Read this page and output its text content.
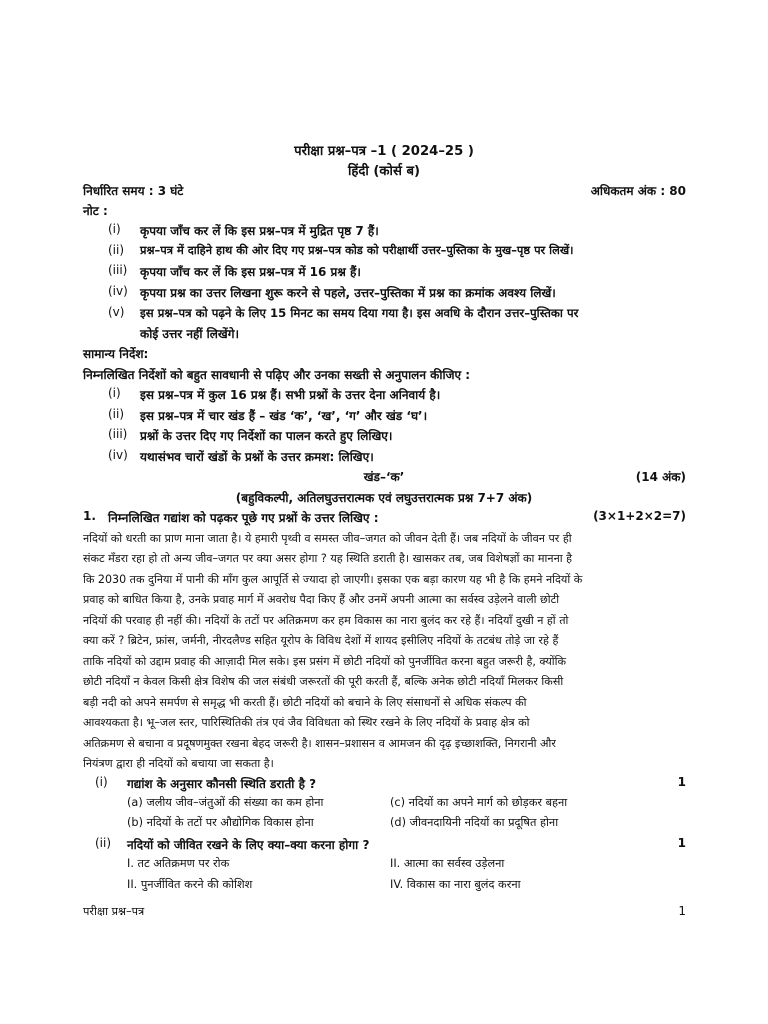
परीक्षा प्रश्न–पत्र –1 ( 2024–25 )
हिंदी (कोर्स ब)
निर्धारित समय : 3 घंटे	अधिकतम अंक : 80
नोट :
(i)	कृपया जाँच कर लें कि इस प्रश्न–पत्र में मुद्रित पृष्ठ 7 हैं।
(ii)	प्रश्न–पत्र में दाहिने हाथ की ओर दिए गए प्रश्न–पत्र कोड को परीक्षार्थी उत्तर–पुस्तिका के मुख–पृष्ठ पर लिखें।
(iii)	कृपया जाँच कर लें कि इस प्रश्न–पत्र में 16 प्रश्न हैं।
(iv)	कृपया प्रश्न का उत्तर लिखना शुरू करने से पहले, उत्तर–पुस्तिका में प्रश्न का क्रमांक अवश्य लिखें।
(v)	इस प्रश्न–पत्र को पढ़ने के लिए 15 मिनट का समय दिया गया है। इस अवधि के दौरान उत्तर–पुस्तिका पर
कोई उत्तर नहीं लिखेंगे।
सामान्य निर्देश:
निम्नलिखित निर्देशों को बहुत सावधानी से पढ़िए और उनका सख्ती से अनुपालन कीजिए :
(i)	इस प्रश्न–पत्र में कुल 16 प्रश्न हैं। सभी प्रश्नों के उत्तर देना अनिवार्य है।
(ii)	इस प्रश्न–पत्र में चार खंड हैं – खंड ‘क’, ‘ख’, ‘ग’ और खंड ‘घ’।
(iii)	प्रश्नों के उत्तर दिए गए निर्देशों का पालन करते हुए लिखिए।
(iv)	यथासंभव चारों खंडों के प्रश्नों के उत्तर क्रमश: लिखिए।
खंड–‘क’	(14 अंक)
(बहुविकल्पी, अतिलघुउत्तरात्मक एवं लघुउत्तरात्मक प्रश्न 7+7 अंक)
1. निम्नलिखित गद्यांश को पढ़कर पूछे गए प्रश्नों के उत्तर लिखिए :	(3×1+2×2=7)
नदियों को धरती का प्राण माना जाता है। ये हमारी पृथ्वी व समस्त जीव–जगत को जीवन देती हैं। जब नदियों के जीवन पर ही
संकट मँडरा रहा हो तो अन्य जीव–जगत पर क्या असर होगा ? यह स्थिति डराती है। खासकर तब, जब विशेषज्ञों का मानना है
कि 2030 तक दुनिया में पानी की माँग कुल आपूर्ति से ज्यादा हो जाएगी। इसका एक बड़ा कारण यह भी है कि हमने नदियों के
प्रवाह को बाधित किया है, उनके प्रवाह मार्ग में अवरोध पैदा किए हैं और उनमें अपनी आत्मा का सर्वस्व उड़ेलने वाली छोटी
नदियों की परवाह ही नहीं की। नदियों के तटों पर अतिक्रमण कर हम विकास का नारा बुलंद कर रहे हैं। नदियाँ दुखी न हों तो
क्या करें ? ब्रिटेन, फ्रांस, जर्मनी, नीरदलैण्ड सहित यूरोप के विविध देशों में शायद इसीलिए नदियों के तटबंध तोड़े जा रहे हैं
ताकि नदियों को उद्दाम प्रवाह की आज़ादी मिल सके। इस प्रसंग में छोटी नदियों को पुनर्जीवित करना बहुत जरूरी है, क्योंकि
छोटी नदियाँ न केवल किसी क्षेत्र विशेष की जल संबंधी जरूरतों की पूरी करती हैं, बल्कि अनेक छोटी नदियाँ मिलकर किसी
बड़ी नदी को अपने समर्पण से समृद्ध भी करती हैं। छोटी नदियों को बचाने के लिए संसाधनों से अधिक संकल्प की
आवश्यकता है। भू–जल स्तर, पारिस्थितिकी तंत्र एवं जैव विविधता को स्थिर रखने के लिए नदियों के प्रवाह क्षेत्र को
अतिक्रमण से बचाना व प्रदूषणमुक्त रखना बेहद जरूरी है। शासन–प्रशासन व आमजन की दृढ़ इच्छाशक्ति, निगरानी और
नियंत्रण द्वारा ही नदियों को बचाया जा सकता है।
(i) गद्यांश के अनुसार कौनसी स्थिति डराती है ?	1
(a) जलीय जीव–जंतुओं की संख्या का कम होना	(c) नदियों का अपने मार्ग को छोड़कर बहना
(b) नदियों के तटों पर औद्योगिक विकास होना	(d) जीवनदायिनी नदियों का प्रदूषित होना
(ii) नदियों को जीवित रखने के लिए क्या–क्या करना होगा ?	1
I. तट अतिक्रमण पर रोक	II. आत्मा का सर्वस्व उड़ेलना
II. पुनर्जीवित करने की कोशिश	IV. विकास का नारा बुलंद करना
परीक्षा प्रश्न–पत्र	1
